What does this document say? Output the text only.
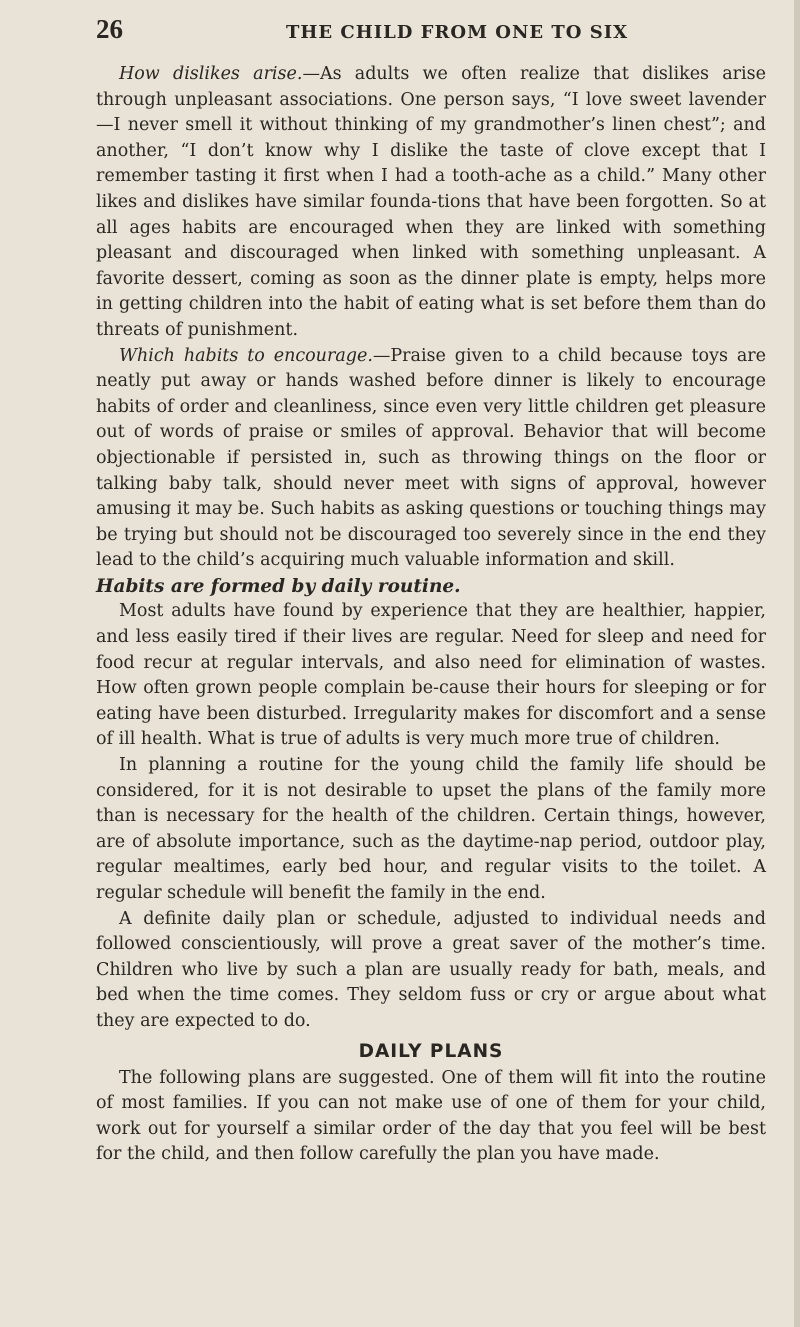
26	THE CHILD FROM ONE TO SIX

How dislikes arise.—As adults we often realize that dislikes arise through unpleasant associations. One person says, “I love sweet lavender—I never smell it without thinking of my grandmother’s linen chest”; and another, “I don’t know why I dislike the taste of clove except that I remember tasting it first when I had a tooth-ache as a child.” Many other likes and dislikes have similar founda-tions that have been forgotten. So at all ages habits are encouraged when they are linked with something pleasant and discouraged when linked with something unpleasant. A favorite dessert, coming as soon as the dinner plate is empty, helps more in getting children into the habit of eating what is set before them than do threats of punishment.

Which habits to encourage.—Praise given to a child because toys are neatly put away or hands washed before dinner is likely to encourage habits of order and cleanliness, since even very little children get pleasure out of words of praise or smiles of approval. Behavior that will become objectionable if persisted in, such as throwing things on the floor or talking baby talk, should never meet with signs of approval, however amusing it may be. Such habits as asking questions or touching things may be trying but should not be discouraged too severely since in the end they lead to the child’s acquiring much valuable information and skill.

Habits are formed by daily routine.

Most adults have found by experience that they are healthier, happier, and less easily tired if their lives are regular. Need for sleep and need for food recur at regular intervals, and also need for elimination of wastes. How often grown people complain be-cause their hours for sleeping or for eating have been disturbed. Irregularity makes for discomfort and a sense of ill health. What is true of adults is very much more true of children.

In planning a routine for the young child the family life should be considered, for it is not desirable to upset the plans of the family more than is necessary for the health of the children. Certain things, however, are of absolute importance, such as the daytime-nap period, outdoor play, regular mealtimes, early bed hour, and regular visits to the toilet. A regular schedule will benefit the family in the end.

A definite daily plan or schedule, adjusted to individual needs and followed conscientiously, will prove a great saver of the mother’s time. Children who live by such a plan are usually ready for bath, meals, and bed when the time comes. They seldom fuss or cry or argue about what they are expected to do.

DAILY PLANS

The following plans are suggested. One of them will fit into the routine of most families. If you can not make use of one of them for your child, work out for yourself a similar order of the day that you feel will be best for the child, and then follow carefully the plan you have made.
